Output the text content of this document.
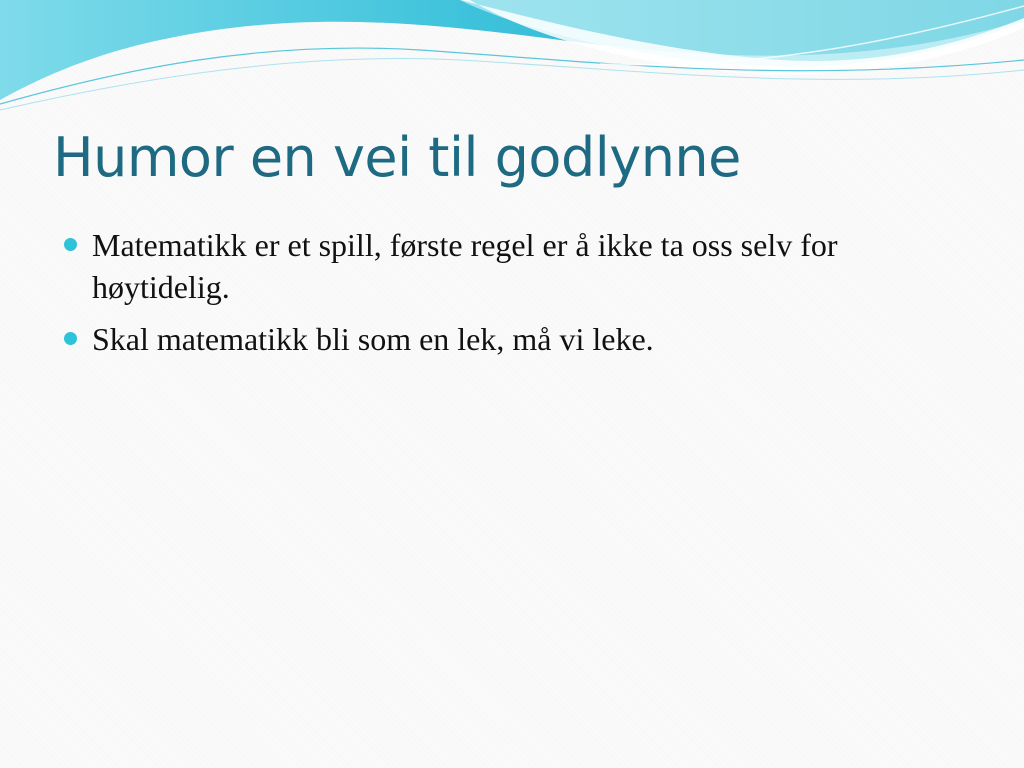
Humor en vei til godlynne
Matematikk er et spill, første regel er å ikke ta oss selv for høytidelig.
Skal matematikk bli som en lek, må vi leke.
